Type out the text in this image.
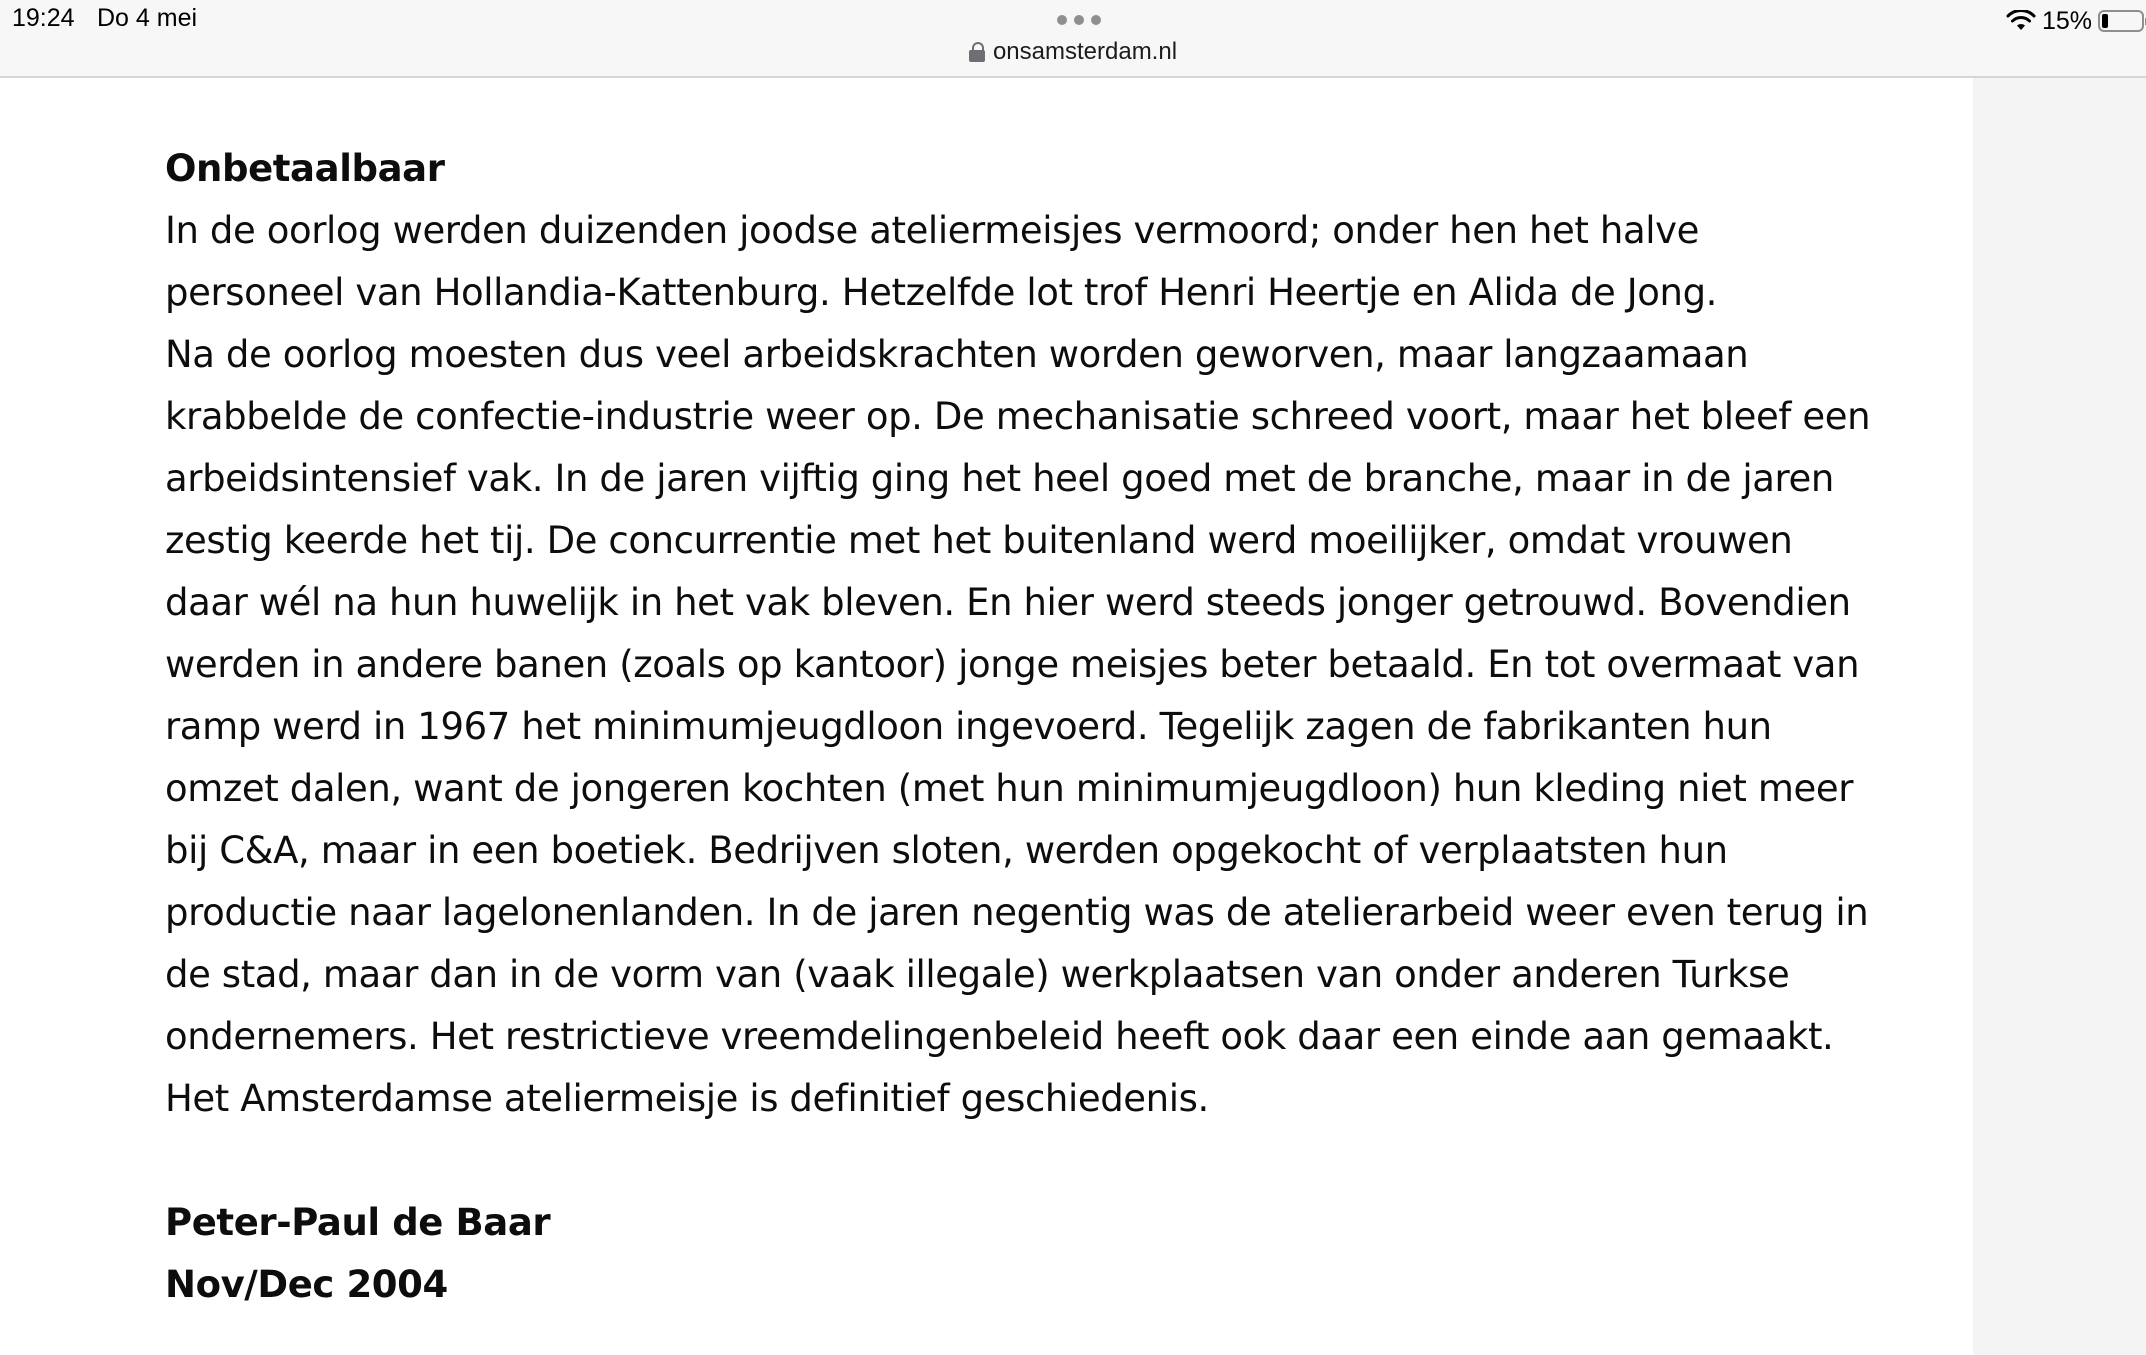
19:24 Do 4 mei
onsamsterdam.nl
15%
Onbetaalbaar

In de oorlog werden duizenden joodse ateliermeisjes vermoord; onder hen het halve
personeel van Hollandia-Kattenburg. Hetzelfde lot trof Henri Heertje en Alida de Jong.
Na de oorlog moesten dus veel arbeidskrachten worden geworven, maar langzaamaan
krabbelde de confectie-industrie weer op. De mechanisatie schreed voort, maar het bleef een
arbeidsintensief vak. In de jaren vijftig ging het heel goed met de branche, maar in de jaren
zestig keerde het tij. De concurrentie met het buitenland werd moeilijker, omdat vrouwen
daar wél na hun huwelijk in het vak bleven. En hier werd steeds jonger getrouwd. Bovendien
werden in andere banen (zoals op kantoor) jonge meisjes beter betaald. En tot overmaat van
ramp werd in 1967 het minimumjeugdloon ingevoerd. Tegelijk zagen de fabrikanten hun
omzet dalen, want de jongeren kochten (met hun minimumjeugdloon) hun kleding niet meer
bij C&A, maar in een boetiek. Bedrijven sloten, werden opgekocht of verplaatsten hun
productie naar lagelonenlanden. In de jaren negentig was de atelierarbeid weer even terug in
de stad, maar dan in de vorm van (vaak illegale) werkplaatsen van onder anderen Turkse
ondernemers. Het restrictieve vreemdelingenbeleid heeft ook daar een einde aan gemaakt.
Het Amsterdamse ateliermeisje is definitief geschiedenis.

Peter-Paul de Baar
Nov/Dec 2004
